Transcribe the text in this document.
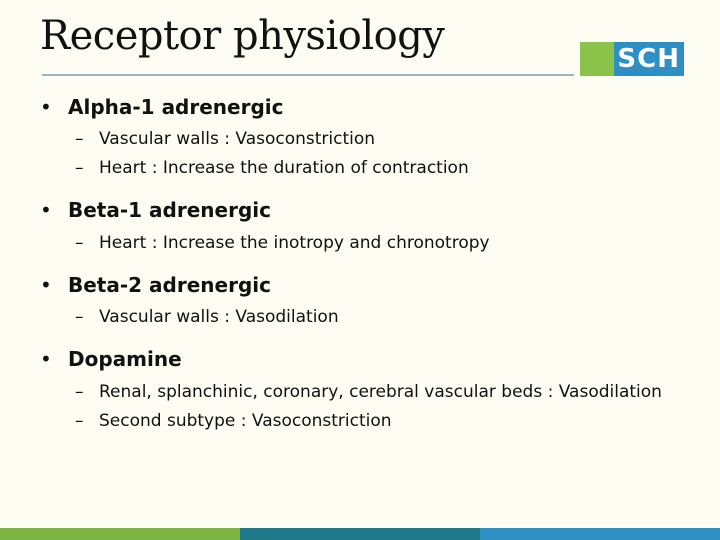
Receptor physiology	SCH
• Alpha-1 adrenergic
– Vascular walls : Vasoconstriction
– Heart : Increase the duration of contraction
• Beta-1 adrenergic
– Heart : Increase the inotropy and chronotropy
• Beta-2 adrenergic
– Vascular walls : Vasodilation
• Dopamine
– Renal, splanchinic, coronary, cerebral vascular beds : Vasodilation
– Second subtype : Vasoconstriction
